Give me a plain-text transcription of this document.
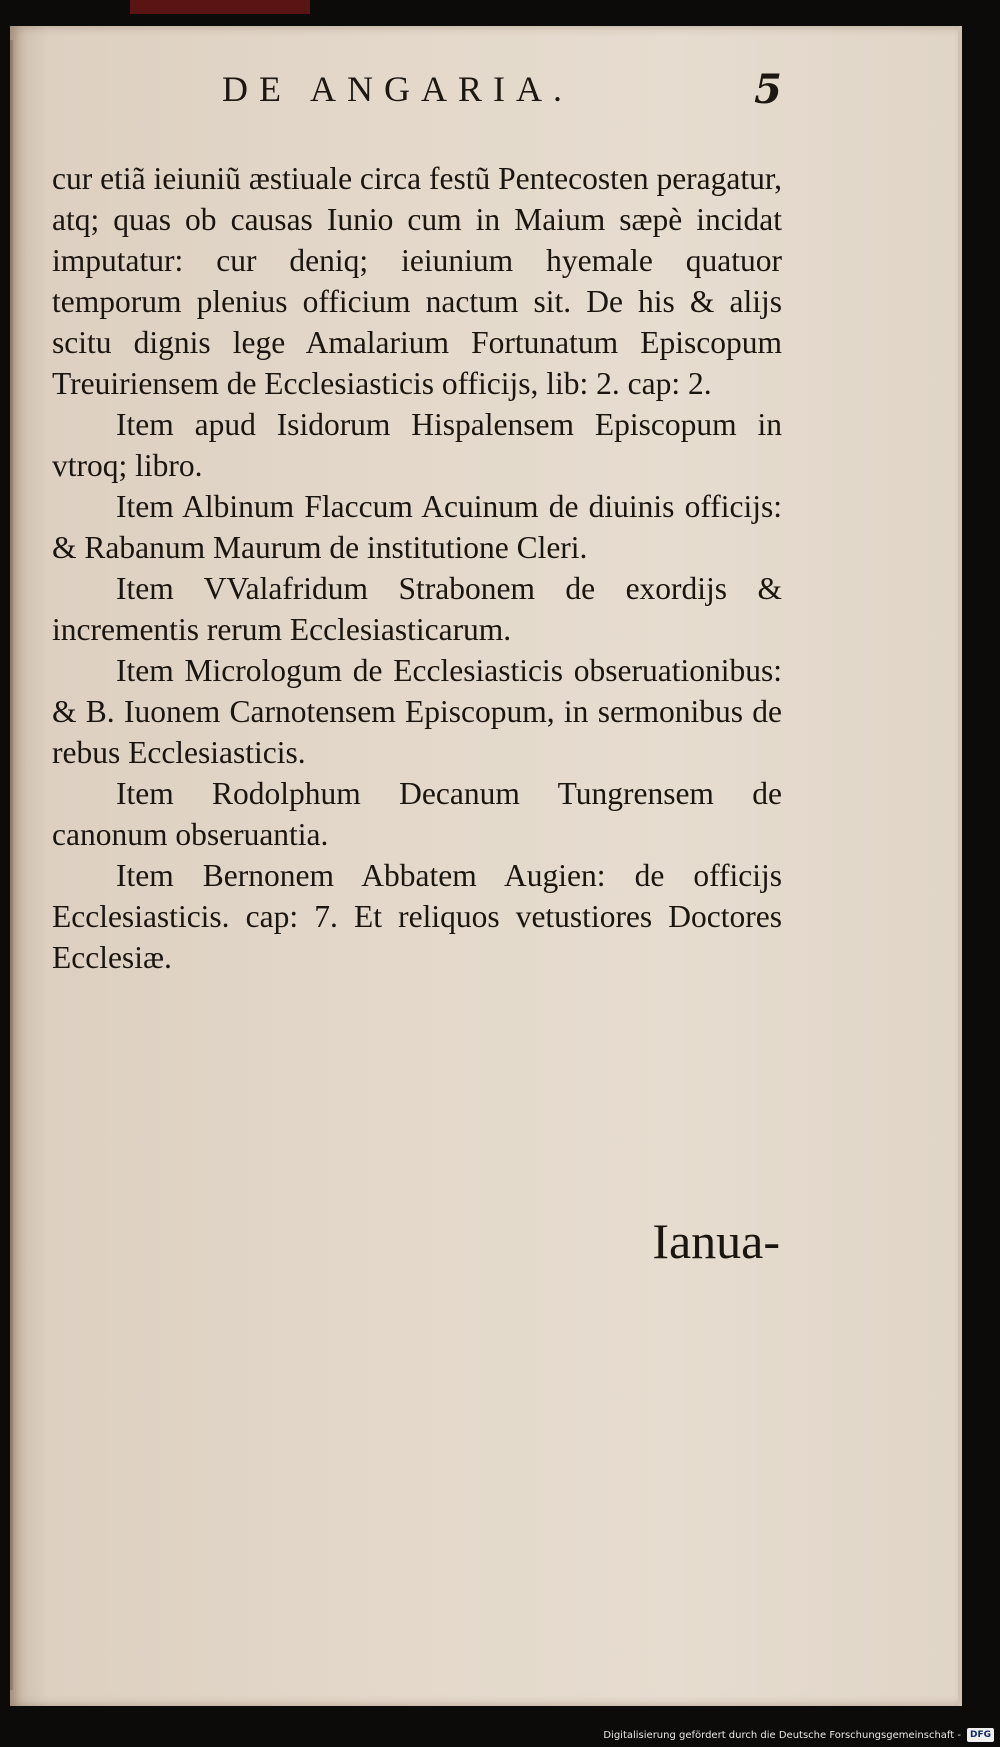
DE ANGARIA.	5

cur etiã ieiuniũ æstiuale circa festũ Pentecosten peragatur, atq; quas ob causas Iunio cum in Maium sæpè incidat imputatur: cur deniq; ieiunium hyemale quatuor temporum plenius officium nactum sit. De his & alijs scitu dignis lege Amalarium Fortunatum Episcopum Treuiriensem de Ecclesiasticis officijs, lib: 2. cap: 2.

Item apud Isidorum Hispalensem Episcopum in vtroq; libro.

Item Albinum Flaccum Acuinum de diuinis officijs: & Rabanum Maurum de institutione Cleri.

Item VValafridum Strabonem de exordijs & incrementis rerum Ecclesiasticarum.

Item Micrologum de Ecclesiasticis obseruationibus: & B. Iuonem Carnotensem Episcopum, in sermonibus de rebus Ecclesiasticis.

Item Rodolphum Decanum Tungrensem de canonum obseruantia.

Item Bernonem Abbatem Augien: de officijs Ecclesiasticis. cap: 7. Et reliquos vetustiores Doctores Ecclesiæ.

Ianua-
Digitalisierung gefördert durch die Deutsche Forschungsgemeinschaft -	DFG
